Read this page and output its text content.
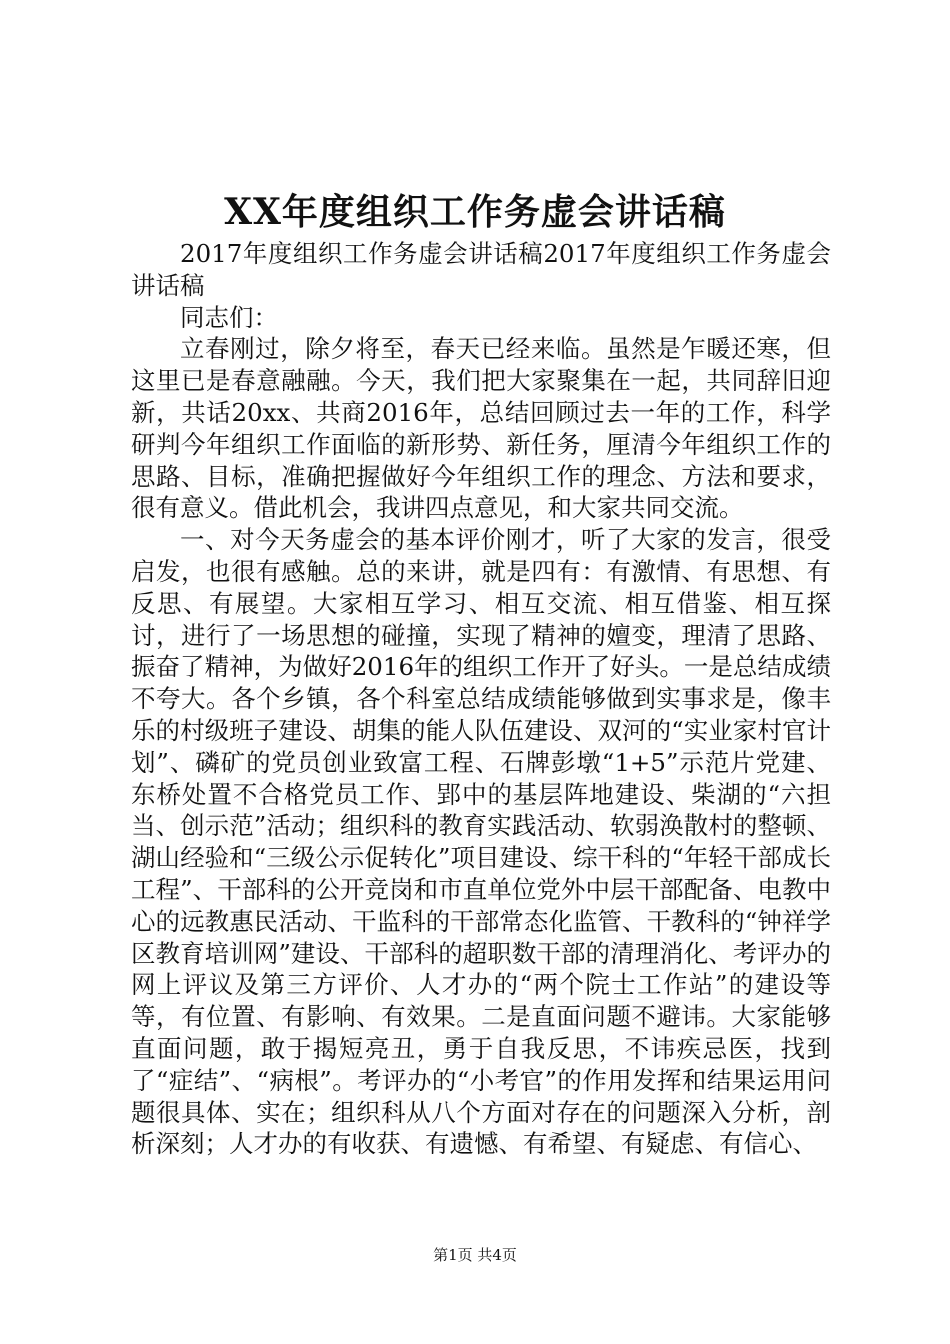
XX年度组织工作务虚会讲话稿

2017年度组织工作务虚会讲话稿2017年度组织工作务虚会讲话稿

同志们：

立春刚过，除夕将至，春天已经来临。虽然是乍暖还寒，但这里已是春意融融。今天，我们把大家聚集在一起，共同辞旧迎新，共话20xx、共商2016年，总结回顾过去一年的工作，科学研判今年组织工作面临的新形势、新任务，厘清今年组织工作的思路、目标，准确把握做好今年组织工作的理念、方法和要求，很有意义。借此机会，我讲四点意见，和大家共同交流。

一、对今天务虚会的基本评价刚才，听了大家的发言，很受启发，也很有感触。总的来讲，就是四有：有激情、有思想、有反思、有展望。大家相互学习、相互交流、相互借鉴、相互探讨，进行了一场思想的碰撞，实现了精神的嬗变，理清了思路、振奋了精神，为做好2016年的组织工作开了好头。一是总结成绩不夸大。各个乡镇，各个科室总结成绩能够做到实事求是，像丰乐的村级班子建设、胡集的能人队伍建设、双河的“实业家村官计划”、磷矿的党员创业致富工程、石牌彭墩“1+5”示范片党建、东桥处置不合格党员工作、郢中的基层阵地建设、柴湖的“六担当、创示范”活动；组织科的教育实践活动、软弱涣散村的整顿、湖山经验和“三级公示促转化”项目建设、综干科的“年轻干部成长工程”、干部科的公开竞岗和市直单位党外中层干部配备、电教中心的远教惠民活动、干监科的干部常态化监管、干教科的“钟祥学区教育培训网”建设、干部科的超职数干部的清理消化、考评办的网上评议及第三方评价、人才办的“两个院士工作站”的建设等等，有位置、有影响、有效果。二是直面问题不避讳。大家能够直面问题，敢于揭短亮丑，勇于自我反思，不讳疾忌医，找到了“症结”、“病根”。考评办的“小考官”的作用发挥和结果运用问题很具体、实在；组织科从八个方面对存在的问题深入分析，剖析深刻；人才办的有收获、有遗憾、有希望、有疑虑、有信心、

第1页 共4页
